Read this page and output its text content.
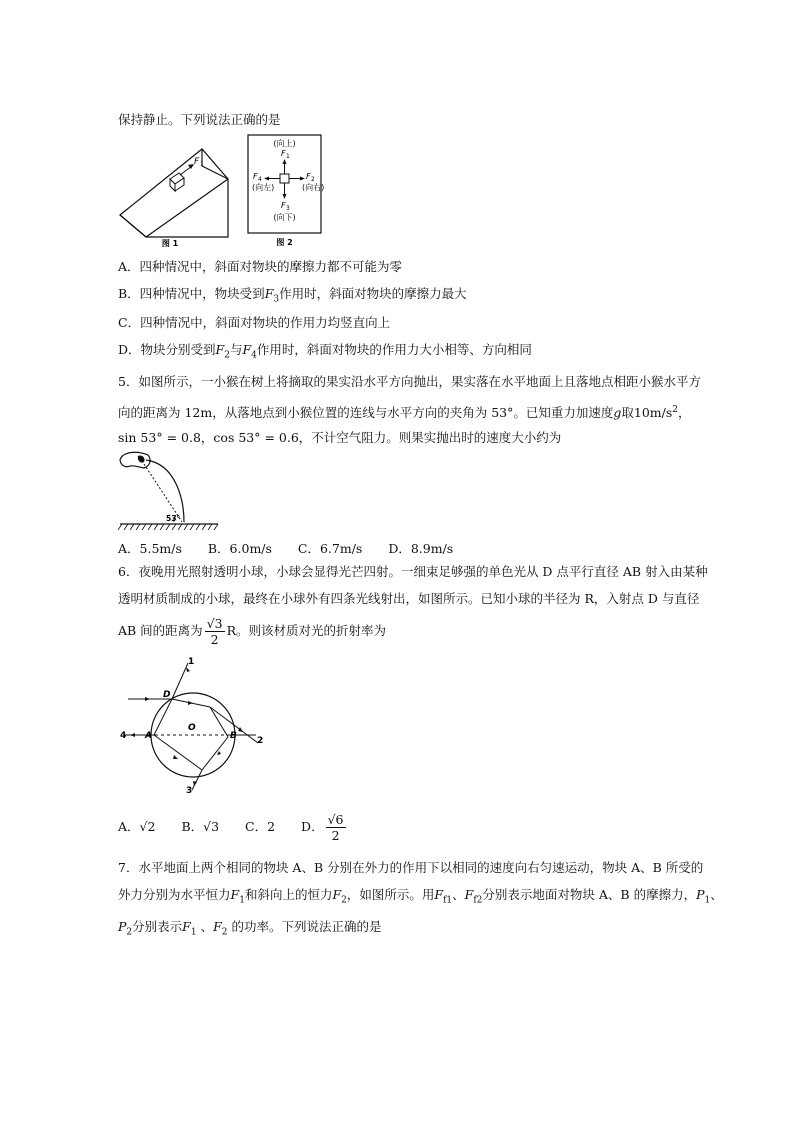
保持静止。下列说法正确的是
F 1
图 1
(向上)
F 1
F 2
(向右)
F 4
(向左)
F 3
(向下)
图 2
A．四种情况中，斜面对物块的摩擦力都不可能为零
B．四种情况中，物块受到$F_3$作用时，斜面对物块的摩擦力最大
C．四种情况中，斜面对物块的作用力均竖直向上
D．物块分别受到$F_2$与$F_4$作用时，斜面对物块的作用力大小相等、方向相同
5．如图所示，一小猴在树上将摘取的果实沿水平方向抛出，果实落在水平地面上且落地点相距小猴水平方
向的距离为 12m，从落地点到小猴位置的连线与水平方向的夹角为 53°。已知重力加速度g取$10m/s^2$，
sin 53° = 0.8，cos 53° = 0.6，不计空气阻力。则果实抛出时的速度大小约为
53°
A．5.5m/s B．6.0m/s C．6.7m/s D．8.9m/s
6．夜晚用光照射透明小球，小球会显得光芒四射。一细束足够强的单色光从 D 点平行直径 AB 射入由某种
透明材质制成的小球，最终在小球外有四条光线射出，如图所示。已知小球的半径为 R，入射点 D 与直径
AB 间的距离为 $\frac{√3}{2}$ R。则该材质对光的折射率为
D
A	B
O
1
2
3
4
A．√2 B．√3 C．2 D． $\frac{√6}{2}$
7．水平地面上两个相同的物块 A、B 分别在外力的作用下以相同的速度向右匀速运动，物块 A、B 所受的
外力分别为水平恒力$F_1$和斜向上的恒力$F_2$，如图所示。用$F_{f1}$、$F_{f2}$分别表示地面对物块 A、B 的摩擦力，$P_1$、
$P_2$分别表示$F_1$ 、$F_2$ 的功率。下列说法正确的是
